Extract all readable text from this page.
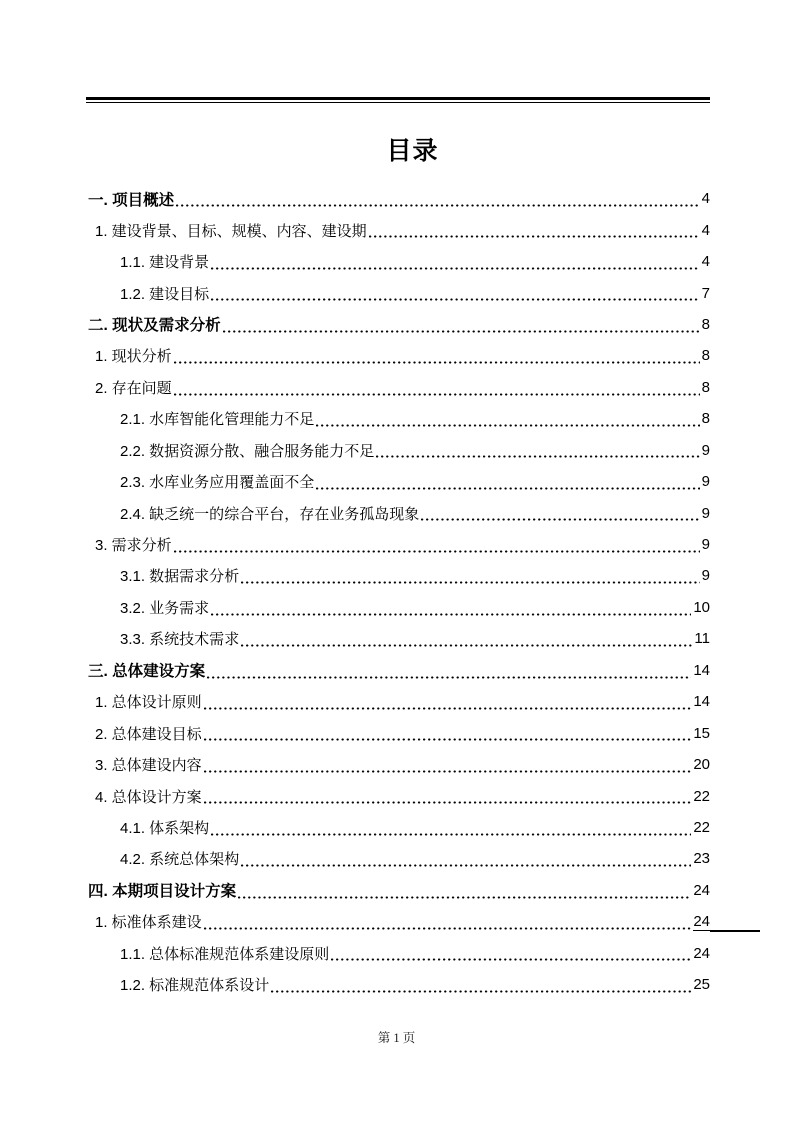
目录
一. 项目概述	4
1. 建设背景、目标、规模、内容、建设期	4
1.1. 建设背景	4
1.2. 建设目标	7
二. 现状及需求分析	8
1. 现状分析	8
2. 存在问题	8
2.1. 水库智能化管理能力不足	8
2.2. 数据资源分散、融合服务能力不足	9
2.3. 水库业务应用覆盖面不全	9
2.4. 缺乏统一的综合平台，存在业务孤岛现象	9
3. 需求分析	9
3.1. 数据需求分析	9
3.2. 业务需求	10
3.3. 系统技术需求	11
三. 总体建设方案	14
1. 总体设计原则	14
2. 总体建设目标	15
3. 总体建设内容	20
4. 总体设计方案	22
4.1. 体系架构	22
4.2. 系统总体架构	23
四. 本期项目设计方案	24
1. 标准体系建设	24
1.1. 总体标准规范体系建设原则	24
1.2. 标准规范体系设计	25
第 1 页
